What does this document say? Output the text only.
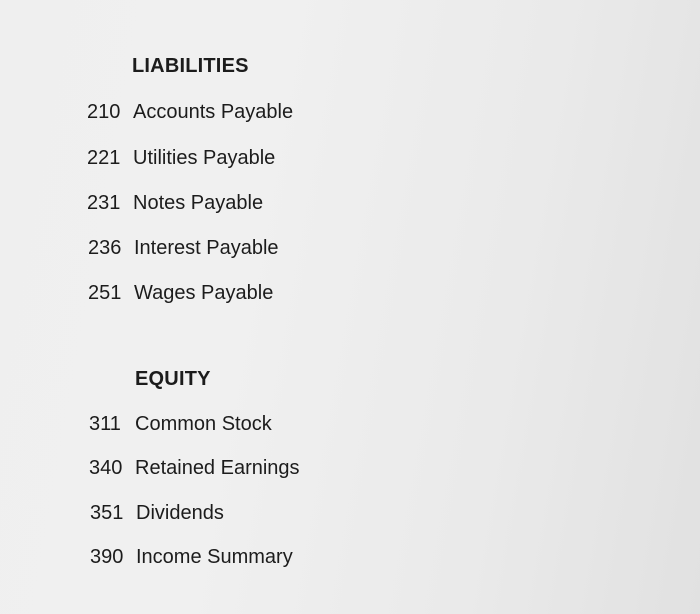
LIABILITIES
210 Accounts Payable
221 Utilities Payable
231 Notes Payable
236 Interest Payable
251 Wages Payable
EQUITY
311 Common Stock
340 Retained Earnings
351 Dividends
390 Income Summary
